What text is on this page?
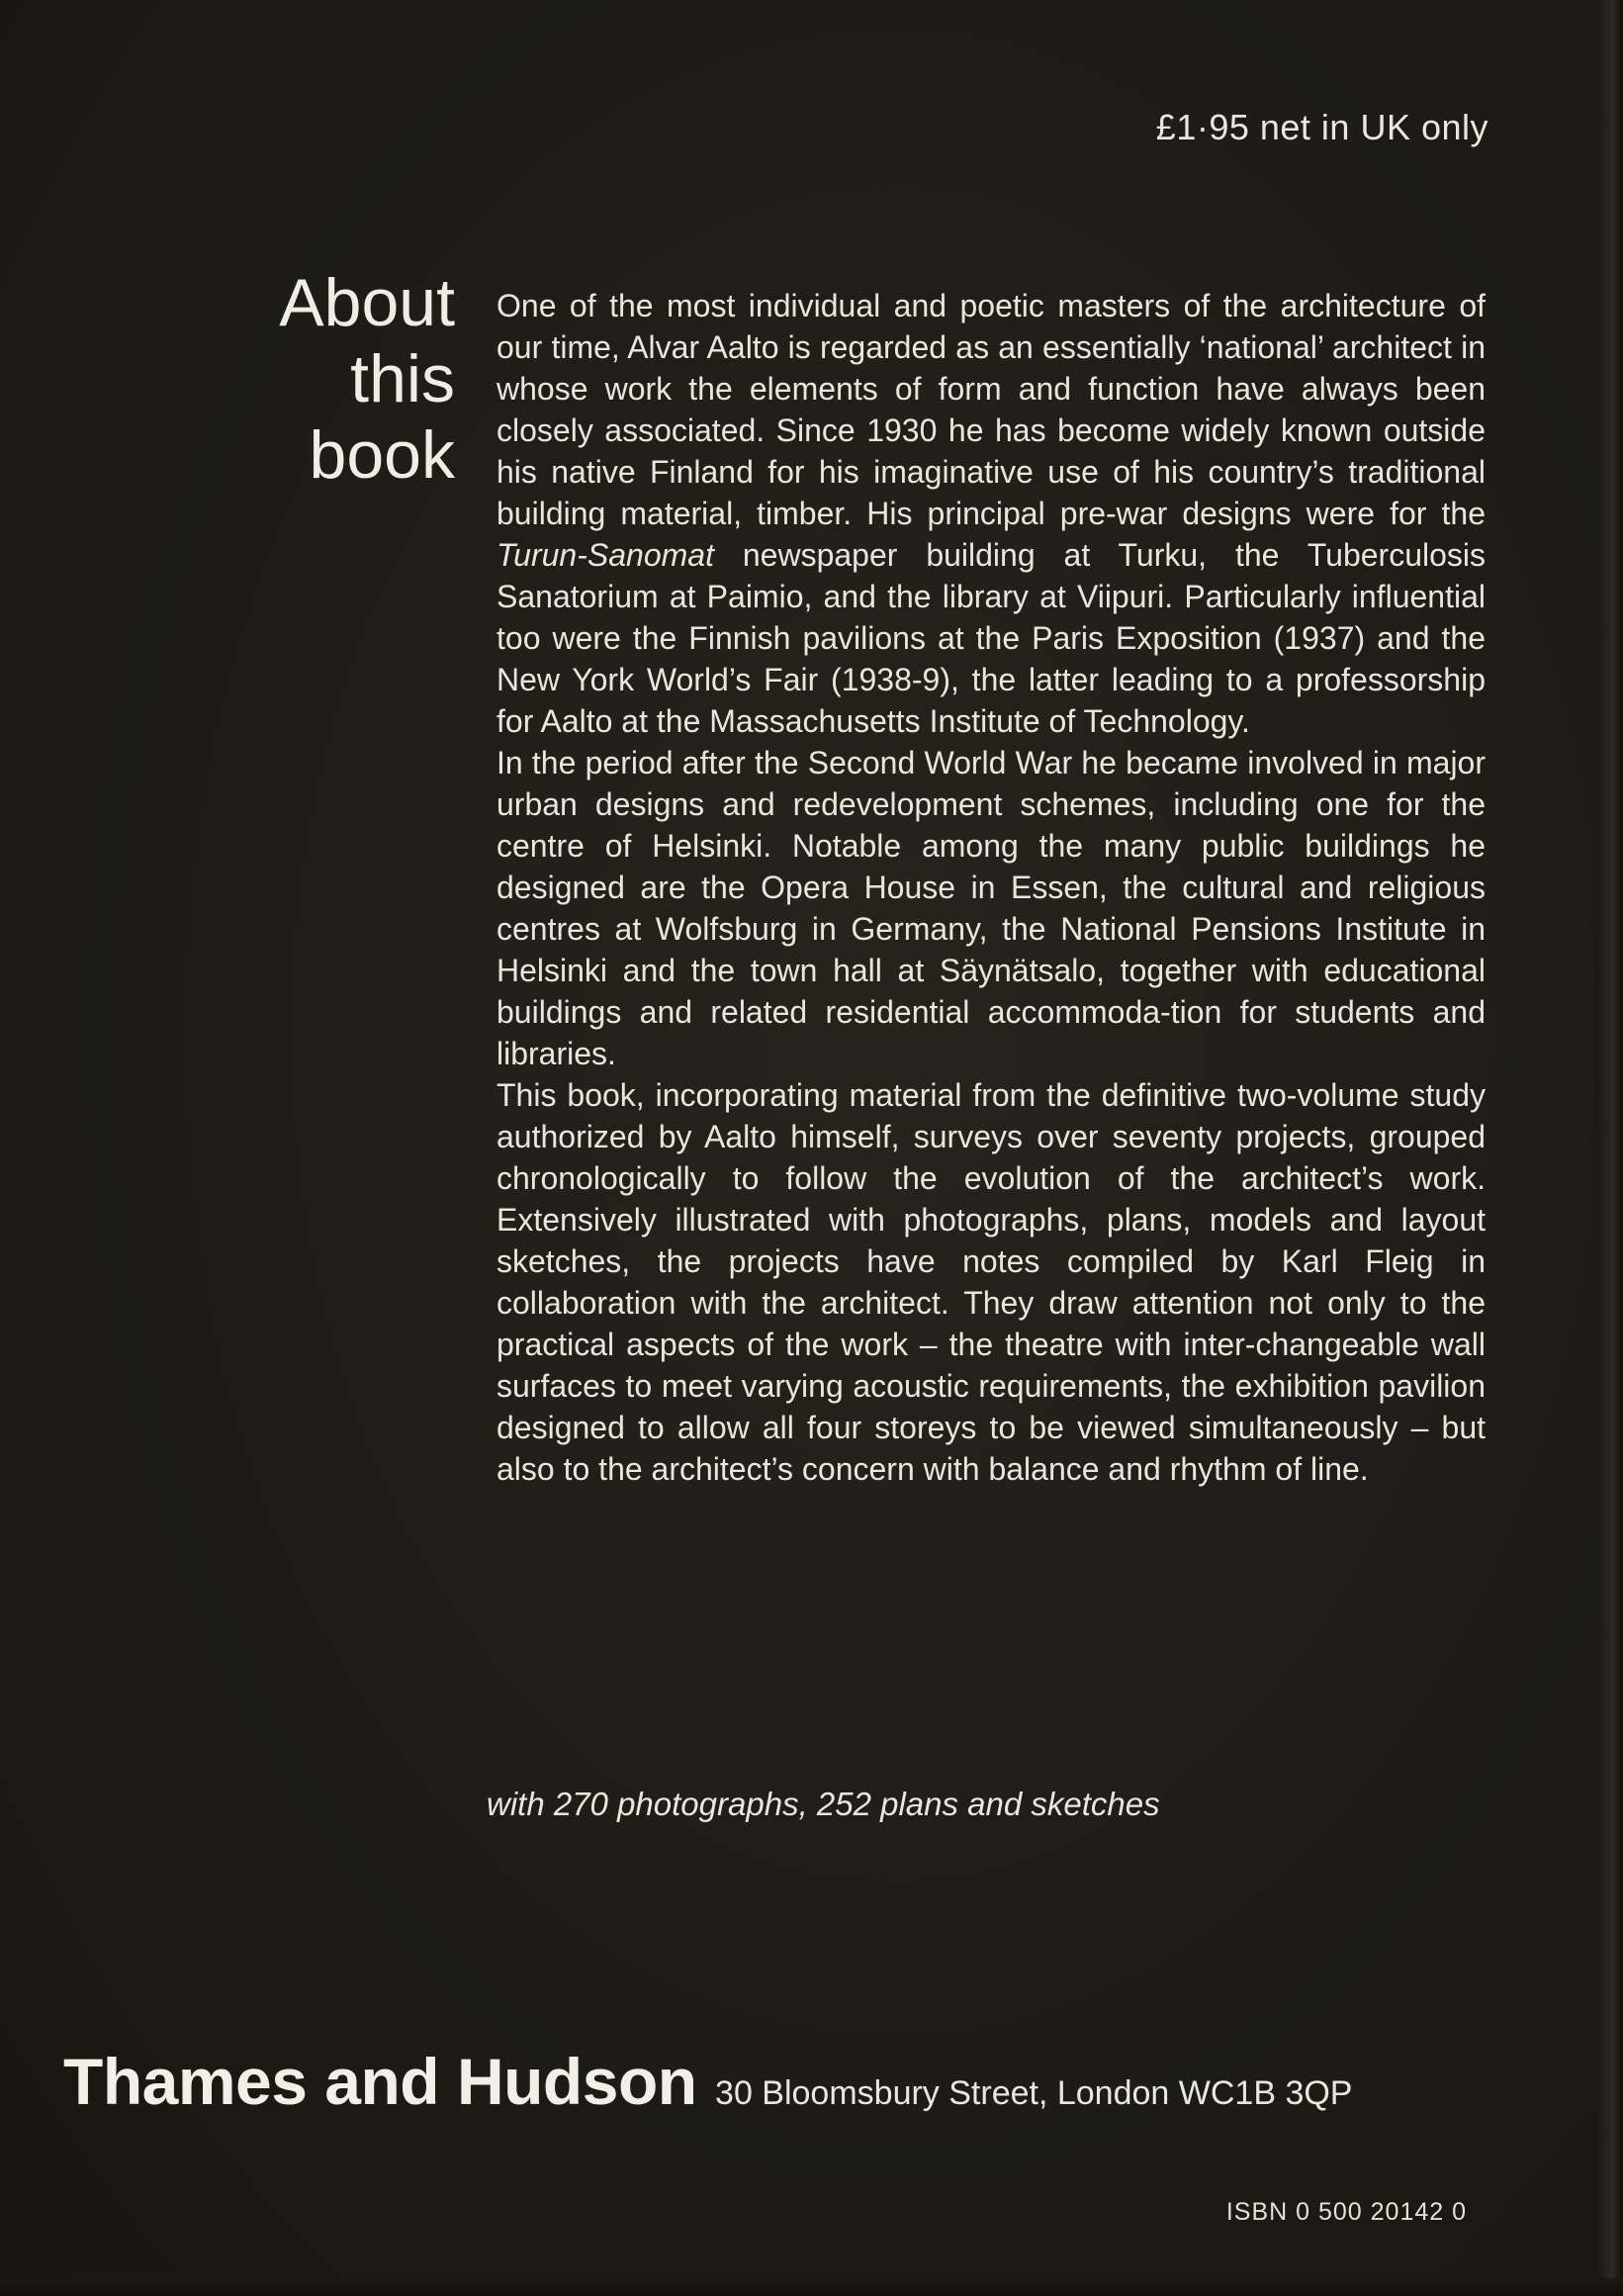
£1·95 net in UK only
About
this
book

One of the most individual and poetic masters of the architecture of our time, Alvar Aalto is regarded as an essentially ‘national’ architect in whose work the elements of form and function have always been closely associated. Since 1930 he has become widely known outside his native Finland for his imaginative use of his country’s traditional building material, timber. His principal pre-war designs were for the Turun-Sanomat newspaper building at Turku, the Tuberculosis Sanatorium at Paimio, and the library at Viipuri. Particularly influential too were the Finnish pavilions at the Paris Exposition (1937) and the New York World’s Fair (1938-9), the latter leading to a professorship for Aalto at the Massachusetts Institute of Technology.

In the period after the Second World War he became involved in major urban designs and redevelopment schemes, including one for the centre of Helsinki. Notable among the many public buildings he designed are the Opera House in Essen, the cultural and religious centres at Wolfsburg in Germany, the National Pensions Institute in Helsinki and the town hall at Säynätsalo, together with educational buildings and related residential accommoda-tion for students and libraries.

This book, incorporating material from the definitive two-volume study authorized by Aalto himself, surveys over seventy projects, grouped chronologically to follow the evolution of the architect’s work. Extensively illustrated with photographs, plans, models and layout sketches, the projects have notes compiled by Karl Fleig in collaboration with the architect. They draw attention not only to the practical aspects of the work – the theatre with inter-changeable wall surfaces to meet varying acoustic requirements, the exhibition pavilion designed to allow all four storeys to be viewed simultaneously – but also to the architect’s concern with balance and rhythm of line.

with 270 photographs, 252 plans and sketches
Thames and Hudson 30 Bloomsbury Street, London WC1B 3QP
ISBN 0 500 20142 0
